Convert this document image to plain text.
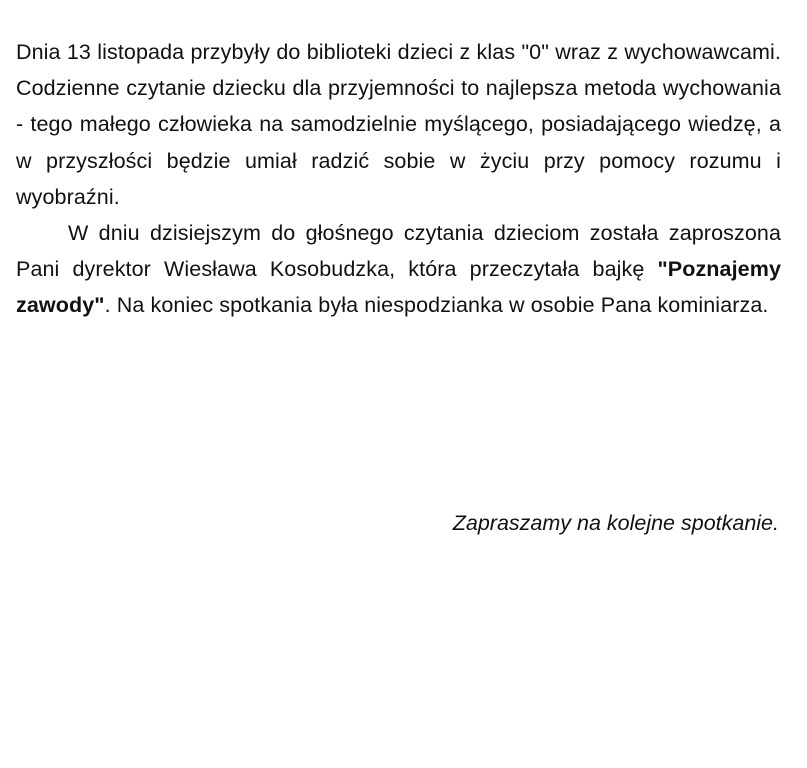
Dnia 13 listopada przybyły do biblioteki dzieci z klas "0" wraz z wychowawcami. Codzienne czytanie dziecku dla przyjemności to najlepsza metoda wychowania - tego małego człowieka na samodzielnie myślącego, posiadającego wiedzę, a w przyszłości będzie umiał radzić sobie w życiu przy pomocy rozumu i wyobraźni.

W dniu dzisiejszym do głośnego czytania dzieciom została zaproszona Pani dyrektor Wiesława Kosobudzka, która przeczytała bajkę "Poznajemy zawody". Na koniec spotkania była niespodzianka w osobie Pana kominiarza.

Zapraszamy na kolejne spotkanie.
